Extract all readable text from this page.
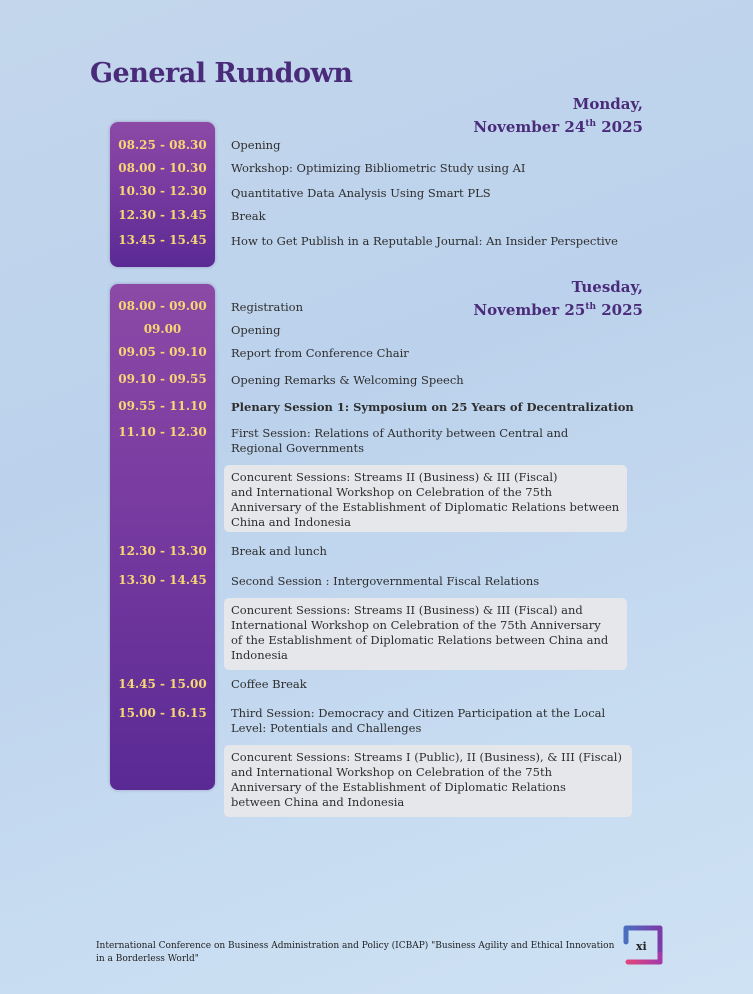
General Rundown
Monday,
November 24th 2025
08.25 - 08.30	Opening
08.00 - 10.30	Workshop: Optimizing Bibliometric Study using AI
10.30 - 12.30	Quantitative Data Analysis Using Smart PLS
12.30 - 13.45	Break
13.45 - 15.45	How to Get Publish in a Reputable Journal: An Insider Perspective
Tuesday,
November 25th 2025
08.00 - 09.00	Registration
09.00	Opening
09.05 - 09.10	Report from Conference Chair
09.10 - 09.55	Opening Remarks & Welcoming Speech
09.55 - 11.10	Plenary Session 1: Symposium on 25 Years of Decentralization
11.10 - 12.30	First Session: Relations of Authority between Central and
Regional Governments
Concurent Sessions: Streams II (Business) & III (Fiscal)
and International Workshop on Celebration of the 75th
Anniversary of the Establishment of Diplomatic Relations between
China and Indonesia
12.30 - 13.30	Break and lunch
13.30 - 14.45	Second Session : Intergovernmental Fiscal Relations
Concurent Sessions: Streams II (Business) & III (Fiscal) and
International Workshop on Celebration of the 75th Anniversary
of the Establishment of Diplomatic Relations between China and
Indonesia
14.45 - 15.00	Coffee Break
15.00 - 16.15	Third Session: Democracy and Citizen Participation at the Local
Level: Potentials and Challenges
Concurent Sessions: Streams I (Public), II (Business), & III (Fiscal)
and International Workshop on Celebration of the 75th
Anniversary of the Establishment of Diplomatic Relations
between China and Indonesia
International Conference on Business Administration and Policy (ICBAP) "Business Agility and Ethical Innovation
in a Borderless World"
xi
